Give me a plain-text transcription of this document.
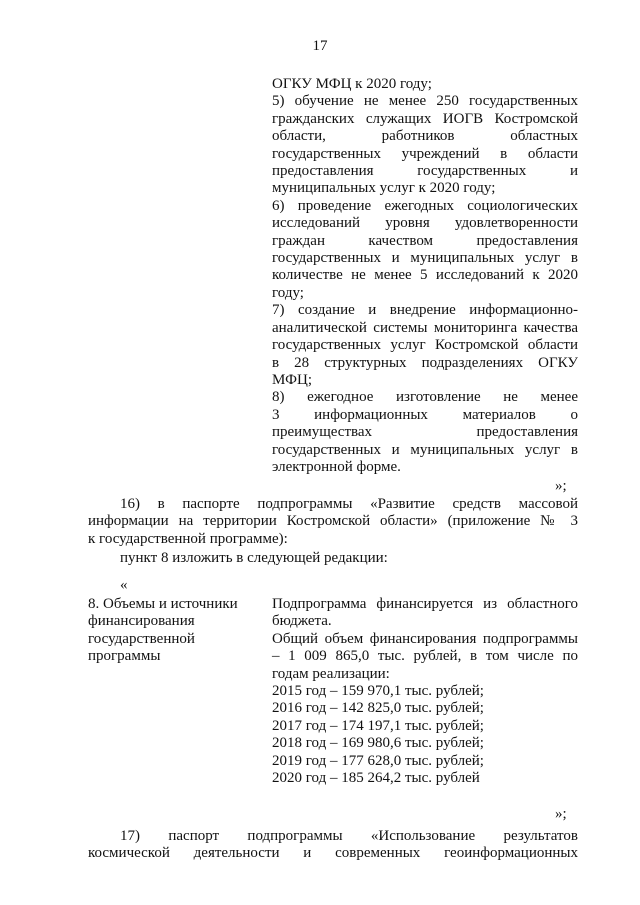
17

ОГКУ МФЦ к 2020 году;

5) обучение не менее 250 государственных

гражданских служащих ИОГВ Костромской

области, работников областных

государственных учреждений в области

предоставления государственных и

муниципальных услуг к 2020 году;

6) проведение ежегодных социологических

исследований уровня удовлетворенности

граждан качеством предоставления

государственных и муниципальных услуг в

количестве не менее 5 исследований к 2020

году;

7) создание и внедрение информационно-

аналитической системы мониторинга качества

государственных услуг Костромской области

в 28 структурных подразделениях ОГКУ

МФЦ;

8) ежегодное изготовление не менее

3 информационных материалов о

преимуществах предоставления

государственных и муниципальных услуг в

электронной форме.

»;

16) в паспорте подпрограммы «Развитие средств массовой

информации на территории Костромской области» (приложение № 3

к государственной программе):

пункт 8 изложить в следующей редакции:

«

8. Объемы и источники

финансирования

государственной

программы

Подпрограмма финансируется из областного

бюджета.

Общий объем финансирования подпрограммы

– 1 009 865,0 тыс. рублей, в том числе по

годам реализации:

2015 год – 159 970,1 тыс. рублей;

2016 год – 142 825,0 тыс. рублей;

2017 год – 174 197,1 тыс. рублей;

2018 год – 169 980,6 тыс. рублей;

2019 год – 177 628,0 тыс. рублей;

2020 год – 185 264,2 тыс. рублей

»;

17) паспорт подпрограммы «Использование результатов

космической деятельности и современных геоинформационных
